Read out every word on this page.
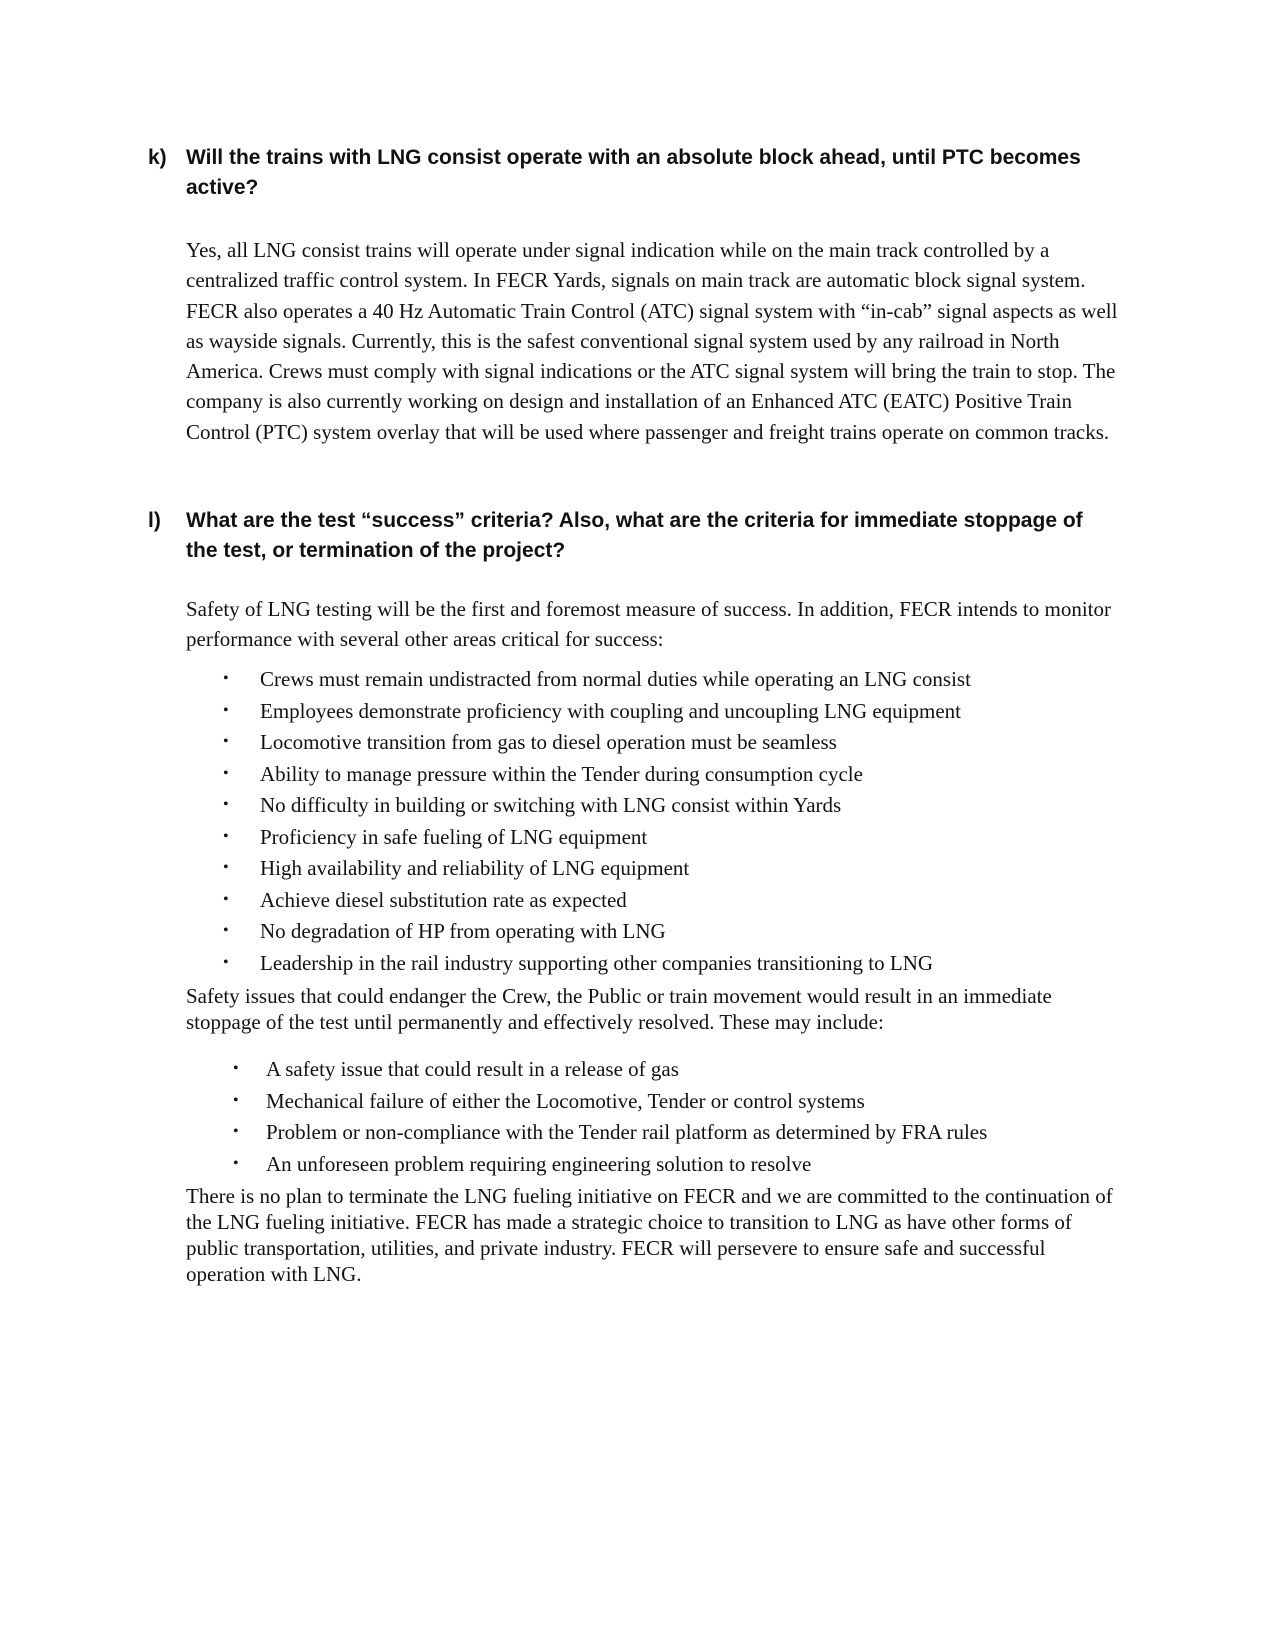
k) Will the trains with LNG consist operate with an absolute block ahead, until PTC becomes active?

Yes, all LNG consist trains will operate under signal indication while on the main track controlled by a centralized traffic control system. In FECR Yards, signals on main track are automatic block signal system. FECR also operates a 40 Hz Automatic Train Control (ATC) signal system with “in-cab” signal aspects as well as wayside signals. Currently, this is the safest conventional signal system used by any railroad in North America. Crews must comply with signal indications or the ATC signal system will bring the train to stop. The company is also currently working on design and installation of an Enhanced ATC (EATC) Positive Train Control (PTC) system overlay that will be used where passenger and freight trains operate on common tracks.

l) What are the test “success” criteria? Also, what are the criteria for immediate stoppage of the test, or termination of the project?

Safety of LNG testing will be the first and foremost measure of success. In addition, FECR intends to monitor performance with several other areas critical for success:

• Crews must remain undistracted from normal duties while operating an LNG consist
• Employees demonstrate proficiency with coupling and uncoupling LNG equipment
• Locomotive transition from gas to diesel operation must be seamless
• Ability to manage pressure within the Tender during consumption cycle
• No difficulty in building or switching with LNG consist within Yards
• Proficiency in safe fueling of LNG equipment
• High availability and reliability of LNG equipment
• Achieve diesel substitution rate as expected
• No degradation of HP from operating with LNG
• Leadership in the rail industry supporting other companies transitioning to LNG

Safety issues that could endanger the Crew, the Public or train movement would result in an immediate stoppage of the test until permanently and effectively resolved. These may include:

• A safety issue that could result in a release of gas
• Mechanical failure of either the Locomotive, Tender or control systems
• Problem or non-compliance with the Tender rail platform as determined by FRA rules
• An unforeseen problem requiring engineering solution to resolve

There is no plan to terminate the LNG fueling initiative on FECR and we are committed to the continuation of the LNG fueling initiative. FECR has made a strategic choice to transition to LNG as have other forms of public transportation, utilities, and private industry. FECR will persevere to ensure safe and successful operation with LNG.
